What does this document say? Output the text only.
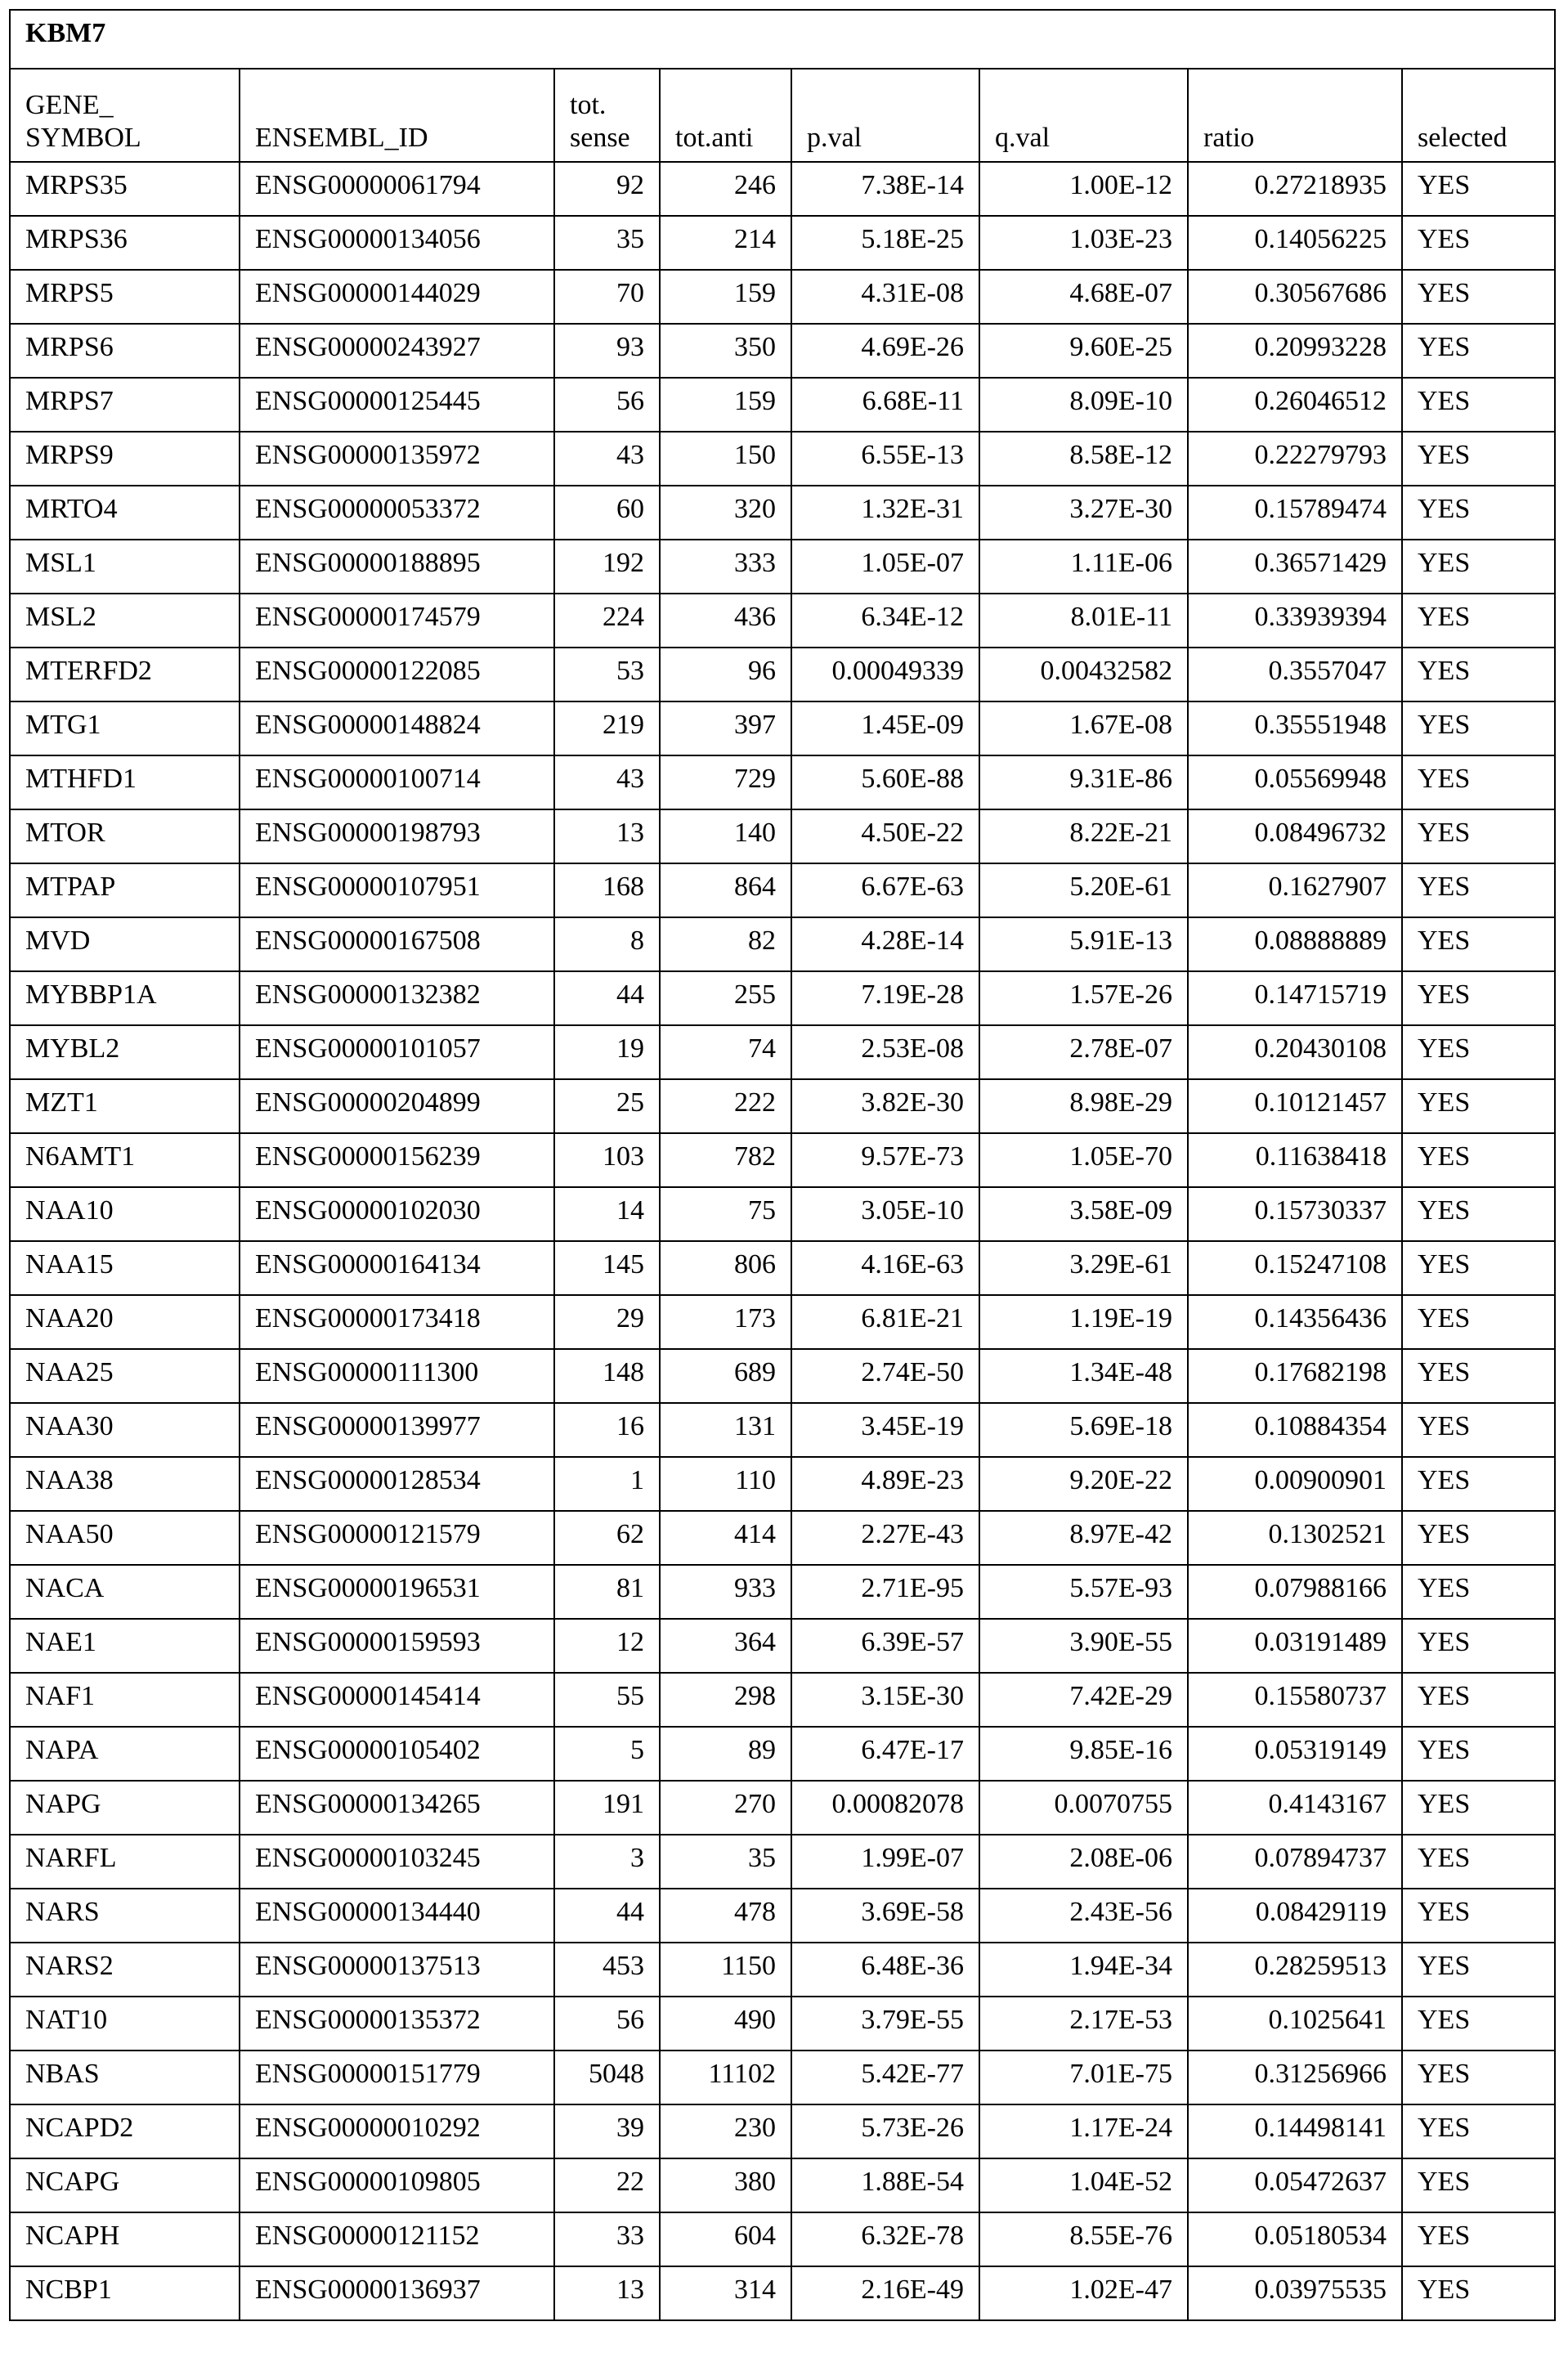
KBM7
GENE_
SYMBOL	ENSEMBL_ID	tot.
sense	tot.anti	p.val	q.val	ratio	selected
MRPS35	ENSG00000061794	92	246	7.38E-14	1.00E-12	0.27218935	YES
MRPS36	ENSG00000134056	35	214	5.18E-25	1.03E-23	0.14056225	YES
MRPS5	ENSG00000144029	70	159	4.31E-08	4.68E-07	0.30567686	YES
MRPS6	ENSG00000243927	93	350	4.69E-26	9.60E-25	0.20993228	YES
MRPS7	ENSG00000125445	56	159	6.68E-11	8.09E-10	0.26046512	YES
MRPS9	ENSG00000135972	43	150	6.55E-13	8.58E-12	0.22279793	YES
MRTO4	ENSG00000053372	60	320	1.32E-31	3.27E-30	0.15789474	YES
MSL1	ENSG00000188895	192	333	1.05E-07	1.11E-06	0.36571429	YES
MSL2	ENSG00000174579	224	436	6.34E-12	8.01E-11	0.33939394	YES
MTERFD2	ENSG00000122085	53	96	0.00049339	0.00432582	0.3557047	YES
MTG1	ENSG00000148824	219	397	1.45E-09	1.67E-08	0.35551948	YES
MTHFD1	ENSG00000100714	43	729	5.60E-88	9.31E-86	0.05569948	YES
MTOR	ENSG00000198793	13	140	4.50E-22	8.22E-21	0.08496732	YES
MTPAP	ENSG00000107951	168	864	6.67E-63	5.20E-61	0.1627907	YES
MVD	ENSG00000167508	8	82	4.28E-14	5.91E-13	0.08888889	YES
MYBBP1A	ENSG00000132382	44	255	7.19E-28	1.57E-26	0.14715719	YES
MYBL2	ENSG00000101057	19	74	2.53E-08	2.78E-07	0.20430108	YES
MZT1	ENSG00000204899	25	222	3.82E-30	8.98E-29	0.10121457	YES
N6AMT1	ENSG00000156239	103	782	9.57E-73	1.05E-70	0.11638418	YES
NAA10	ENSG00000102030	14	75	3.05E-10	3.58E-09	0.15730337	YES
NAA15	ENSG00000164134	145	806	4.16E-63	3.29E-61	0.15247108	YES
NAA20	ENSG00000173418	29	173	6.81E-21	1.19E-19	0.14356436	YES
NAA25	ENSG00000111300	148	689	2.74E-50	1.34E-48	0.17682198	YES
NAA30	ENSG00000139977	16	131	3.45E-19	5.69E-18	0.10884354	YES
NAA38	ENSG00000128534	1	110	4.89E-23	9.20E-22	0.00900901	YES
NAA50	ENSG00000121579	62	414	2.27E-43	8.97E-42	0.1302521	YES
NACA	ENSG00000196531	81	933	2.71E-95	5.57E-93	0.07988166	YES
NAE1	ENSG00000159593	12	364	6.39E-57	3.90E-55	0.03191489	YES
NAF1	ENSG00000145414	55	298	3.15E-30	7.42E-29	0.15580737	YES
NAPA	ENSG00000105402	5	89	6.47E-17	9.85E-16	0.05319149	YES
NAPG	ENSG00000134265	191	270	0.00082078	0.0070755	0.4143167	YES
NARFL	ENSG00000103245	3	35	1.99E-07	2.08E-06	0.07894737	YES
NARS	ENSG00000134440	44	478	3.69E-58	2.43E-56	0.08429119	YES
NARS2	ENSG00000137513	453	1150	6.48E-36	1.94E-34	0.28259513	YES
NAT10	ENSG00000135372	56	490	3.79E-55	2.17E-53	0.1025641	YES
NBAS	ENSG00000151779	5048	11102	5.42E-77	7.01E-75	0.31256966	YES
NCAPD2	ENSG00000010292	39	230	5.73E-26	1.17E-24	0.14498141	YES
NCAPG	ENSG00000109805	22	380	1.88E-54	1.04E-52	0.05472637	YES
NCAPH	ENSG00000121152	33	604	6.32E-78	8.55E-76	0.05180534	YES
NCBP1	ENSG00000136937	13	314	2.16E-49	1.02E-47	0.03975535	YES
